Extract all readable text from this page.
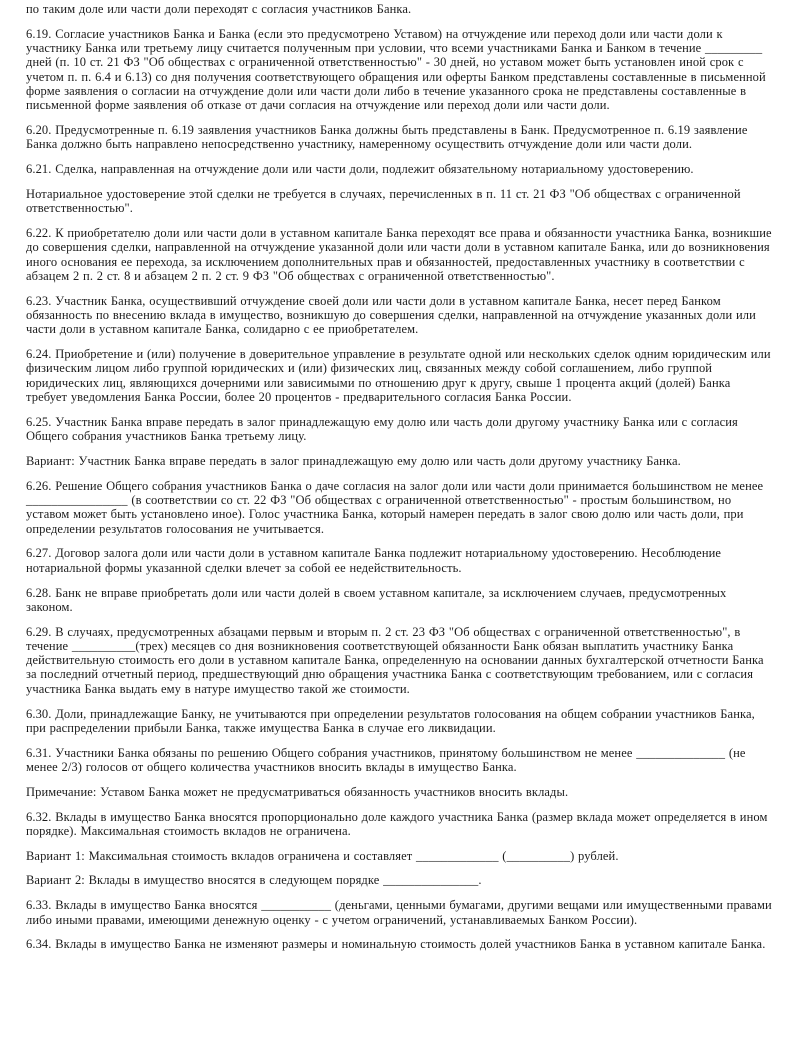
по таким доле или части доли переходят с согласия участников Банка.

6.19. Согласие участников Банка и Банка (если это предусмотрено Уставом) на отчуждение или переход доли или части доли к участнику Банка или третьему лицу считается полученным при условии, что всеми участниками Банка и Банком в течение _________ дней (п. 10 ст. 21 ФЗ "Об обществах с ограниченной ответственностью" - 30 дней, но уставом может быть установлен иной срок с учетом п. п. 6.4 и 6.13) со дня получения соответствующего обращения или оферты Банком представлены составленные в письменной форме заявления о согласии на отчуждение доли или части доли либо в течение указанного срока не представлены составленные в письменной форме заявления об отказе от дачи согласия на отчуждение или переход доли или части доли.

6.20. Предусмотренные п. 6.19 заявления участников Банка должны быть представлены в Банк. Предусмотренное п. 6.19 заявление Банка должно быть направлено непосредственно участнику, намеренному осуществить отчуждение доли или части доли.

6.21. Сделка, направленная на отчуждение доли или части доли, подлежит обязательному нотариальному удостоверению.

Нотариальное удостоверение этой сделки не требуется в случаях, перечисленных в п. 11 ст. 21 ФЗ "Об обществах с ограниченной ответственностью".

6.22. К приобретателю доли или части доли в уставном капитале Банка переходят все права и обязанности участника Банка, возникшие до совершения сделки, направленной на отчуждение указанной доли или части доли в уставном капитале Банка, или до возникновения иного основания ее перехода, за исключением дополнительных прав и обязанностей, предоставленных участнику в соответствии с абзацем 2 п. 2 ст. 8 и абзацем 2 п. 2 ст. 9 ФЗ "Об обществах с ограниченной ответственностью".

6.23. Участник Банка, осуществивший отчуждение своей доли или части доли в уставном капитале Банка, несет перед Банком обязанность по внесению вклада в имущество, возникшую до совершения сделки, направленной на отчуждение указанных доли или части доли в уставном капитале Банка, солидарно с ее приобретателем.

6.24. Приобретение и (или) получение в доверительное управление в результате одной или нескольких сделок одним юридическим или физическим лицом либо группой юридических и (или) физических лиц, связанных между собой соглашением, либо группой юридических лиц, являющихся дочерними или зависимыми по отношению друг к другу, свыше 1 процента акций (долей) Банка требует уведомления Банка России, более 20 процентов - предварительного согласия Банка России.

6.25. Участник Банка вправе передать в залог принадлежащую ему долю или часть доли другому участнику Банка или с согласия Общего собрания участников Банка третьему лицу.

Вариант: Участник Банка вправе передать в залог принадлежащую ему долю или часть доли другому участнику Банка.

6.26. Решение Общего собрания участников Банка о даче согласия на залог доли или части доли принимается большинством не менее ________________ (в соответствии со ст. 22 ФЗ "Об обществах с ограниченной ответственностью" - простым большинством, но уставом может быть установлено иное). Голос участника Банка, который намерен передать в залог свою долю или часть доли, при определении результатов голосования не учитывается.

6.27. Договор залога доли или части доли в уставном капитале Банка подлежит нотариальному удостоверению. Несоблюдение нотариальной формы указанной сделки влечет за собой ее недействительность.

6.28. Банк не вправе приобретать доли или части долей в своем уставном капитале, за исключением случаев, предусмотренных законом.

6.29. В случаях, предусмотренных абзацами первым и вторым п. 2 ст. 23 ФЗ "Об обществах с ограниченной ответственностью", в течение __________(трех) месяцев со дня возникновения соответствующей обязанности Банк обязан выплатить участнику Банка действительную стоимость его доли в уставном капитале Банка, определенную на основании данных бухгалтерской отчетности Банка за последний отчетный период, предшествующий дню обращения участника Банка с соответствующим требованием, или с согласия участника Банка выдать ему в натуре имущество такой же стоимости.

6.30. Доли, принадлежащие Банку, не учитываются при определении результатов голосования на общем собрании участников Банка, при распределении прибыли Банка, также имущества Банка в случае его ликвидации.

6.31. Участники Банка обязаны по решению Общего собрания участников, принятому большинством не менее ______________ (не менее 2/3) голосов от общего количества участников вносить вклады в имущество Банка.

Примечание: Уставом Банка может не предусматриваться обязанность участников вносить вклады.

6.32. Вклады в имущество Банка вносятся пропорционально доле каждого участника Банка (размер вклада может определяется в ином порядке). Максимальная стоимость вкладов не ограничена.

Вариант 1: Максимальная стоимость вкладов ограничена и составляет _____________ (__________) рублей.

Вариант 2: Вклады в имущество вносятся в следующем порядке _______________.

6.33. Вклады в имущество Банка вносятся ___________ (деньгами, ценными бумагами, другими вещами или имущественными правами либо иными правами, имеющими денежную оценку - с учетом ограничений, устанавливаемых Банком России).

6.34. Вклады в имущество Банка не изменяют размеры и номинальную стоимость долей участников Банка в уставном капитале Банка.
